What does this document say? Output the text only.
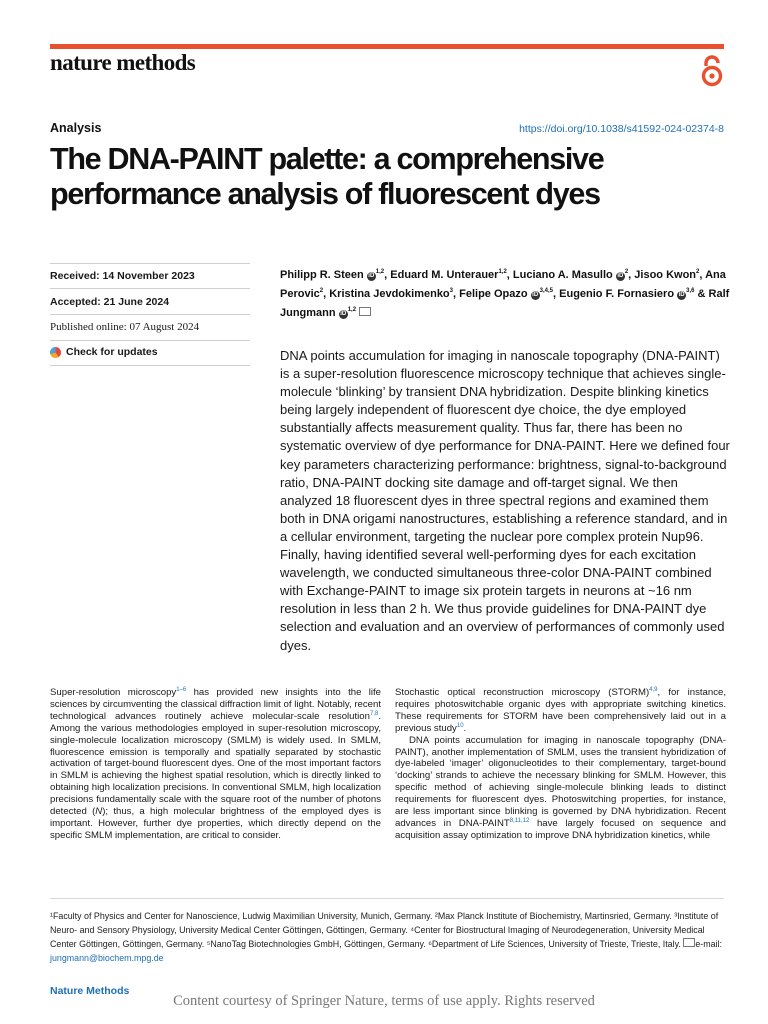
nature methods
Analysis	https://doi.org/10.1038/s41592-024-02374-8
The DNA-PAINT palette: a comprehensive
performance analysis of fluorescent dyes
Received: 14 November 2023
Accepted: 21 June 2024
Published online: 07 August 2024
Check for updates
Philipp R. Steen iD$^{1,2}$, Eduard M. Unterauer$^{1,2}$, Luciano A. Masullo $iD^2$, Jisoo Kwon$^2$, Ana Perovic$^2$, Kristina Jevdokimenko$^3$, Felipe Opazo iD$^{3,4,5}$, Eugenio F. Fornasiero iD$^{3,6}$ & Ralf Jungmann iD$^{1,2}$
DNA points accumulation for imaging in nanoscale topography (DNA-PAINT) is a super-resolution fluorescence microscopy technique that achieves single-molecule ‘blinking’ by transient DNA hybridization. Despite blinking kinetics being largely independent of fluorescent dye choice, the dye employed substantially affects measurement quality. Thus far, there has been no systematic overview of dye performance for DNA-PAINT. Here we defined four key parameters characterizing performance: brightness, signal-to-background ratio, DNA-PAINT docking site damage and off-target signal. We then analyzed 18 fluorescent dyes in three spectral regions and examined them both in DNA origami nanostructures, establishing a reference standard, and in a cellular environment, targeting the nuclear pore complex protein Nup96. Finally, having identified several well-performing dyes for each excitation wavelength, we conducted simultaneous three-color DNA-PAINT combined with Exchange-PAINT to image six protein targets in neurons at ~16 nm resolution in less than 2 h. We thus provide guidelines for DNA-PAINT dye selection and evaluation and an overview of performances of commonly used dyes.

Super-resolution microscopy$^{1-6}$ has provided new insights into the life sciences by circumventing the classical diffraction limit of light. Notably, recent technological advances routinely achieve molecular-scale resolution$^{7,8}$. Among the various methodologies employed in super-resolution microscopy, single-molecule localization microscopy (SMLM) is widely used. In SMLM, fluorescence emission is temporally and spatially separated by stochastic activation of target-bound fluorescent dyes. One of the most important factors in SMLM is achieving the highest spatial resolution, which is directly linked to obtaining high localization precisions. In conventional SMLM, high localization precisions fundamentally scale with the square root of the number of photons detected (N); thus, a high molecular brightness of the employed dyes is important. However, further dye properties, which directly depend on the specific SMLM implementation, are critical to consider.

Stochastic optical reconstruction microscopy (STORM)$^{4,9}$, for instance, requires photoswitchable organic dyes with appropriate switching kinetics. These requirements for STORM have been comprehensively laid out in a previous study$^{10}$.

DNA points accumulation for imaging in nanoscale topography (DNA-PAINT), another implementation of SMLM, uses the transient hybridization of dye-labeled ‘imager’ oligonucleotides to their complementary, target-bound ‘docking’ strands to achieve the necessary blinking for SMLM. However, this specific method of achieving single-molecule blinking leads to distinct requirements for fluorescent dyes. Photoswitching properties, for instance, are less important since blinking is governed by DNA hybridization. Recent advances in DNA-PAINT$^{8,11,12}$ have largely focused on sequence and acquisition assay optimization to improve DNA hybridization kinetics, while

¹Faculty of Physics and Center for Nanoscience, Ludwig Maximilian University, Munich, Germany. ²Max Planck Institute of Biochemistry, Martinsried, Germany. ³Institute of Neuro- and Sensory Physiology, University Medical Center Göttingen, Göttingen, Germany. ⁴Center for Biostructural Imaging of Neurodegeneration, University Medical Center Göttingen, Göttingen, Germany. ⁵NanoTag Biotechnologies GmbH, Göttingen, Germany. ⁶Department of Life Sciences, University of Trieste, Trieste, Italy. e-mail: jungmann@biochem.mpg.de
Nature Methods
Content courtesy of Springer Nature, terms of use apply. Rights reserved
